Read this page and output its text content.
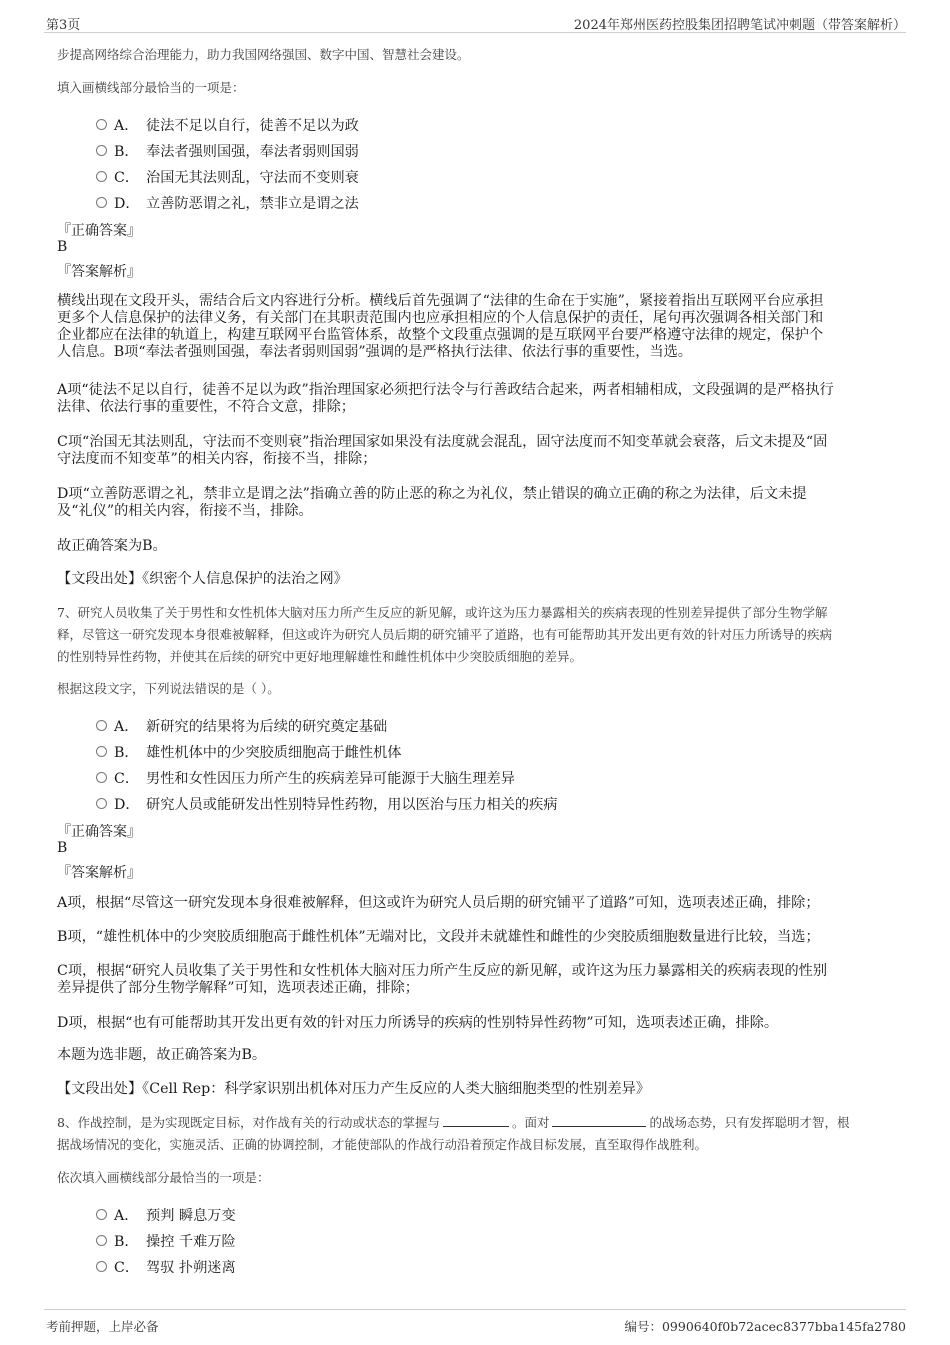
第3页	2024年郑州医药控股集团招聘笔试冲刺题（带答案解析）
步提高网络综合治理能力，助力我国网络强国、数字中国、智慧社会建设。
填入画横线部分最恰当的一项是：
A． 徒法不足以自行，徒善不足以为政
B． 奉法者强则国强，奉法者弱则国弱
C． 治国无其法则乱，守法而不变则衰
D． 立善防恶谓之礼，禁非立是谓之法
『正确答案』
B
『答案解析』
横线出现在文段开头，需结合后文内容进行分析。横线后首先强调了“法律的生命在于实施”，紧接着指出互联网平台应承担
更多个人信息保护的法律义务，有关部门在其职责范围内也应承担相应的个人信息保护的责任，尾句再次强调各相关部门和
企业都应在法律的轨道上，构建互联网平台监管体系，故整个文段重点强调的是互联网平台要严格遵守法律的规定，保护个
人信息。B项“奉法者强则国强，奉法者弱则国弱”强调的是严格执行法律、依法行事的重要性，当选。
A项“徒法不足以自行，徒善不足以为政”指治理国家必须把行法令与行善政结合起来，两者相辅相成，文段强调的是严格执行
法律、依法行事的重要性，不符合文意，排除；
C项“治国无其法则乱，守法而不变则衰”指治理国家如果没有法度就会混乱，固守法度而不知变革就会衰落，后文未提及“固
守法度而不知变革”的相关内容，衔接不当，排除；
D项“立善防恶谓之礼，禁非立是谓之法”指确立善的防止恶的称之为礼仪，禁止错误的确立正确的称之为法律，后文未提
及“礼仪”的相关内容，衔接不当，排除。
故正确答案为B。
【文段出处】《织密个人信息保护的法治之网》
7、研究人员收集了关于男性和女性机体大脑对压力所产生反应的新见解，或许这为压力暴露相关的疾病表现的性别差异提供了部分生物学解
释，尽管这一研究发现本身很难被解释，但这或许为研究人员后期的研究铺平了道路，也有可能帮助其开发出更有效的针对压力所诱导的疾病
的性别特异性药物，并使其在后续的研究中更好地理解雄性和雌性机体中少突胶质细胞的差异。
根据这段文字，下列说法错误的是（ ）。
A． 新研究的结果将为后续的研究奠定基础
B． 雄性机体中的少突胶质细胞高于雌性机体
C． 男性和女性因压力所产生的疾病差异可能源于大脑生理差异
D． 研究人员或能研发出性别特异性药物，用以医治与压力相关的疾病
『正确答案』
B
『答案解析』
A项，根据“尽管这一研究发现本身很难被解释，但这或许为研究人员后期的研究铺平了道路”可知，选项表述正确，排除；
B项，“雄性机体中的少突胶质细胞高于雌性机体”无端对比，文段并未就雄性和雌性的少突胶质细胞数量进行比较，当选；
C项，根据“研究人员收集了关于男性和女性机体大脑对压力所产生反应的新见解，或许这为压力暴露相关的疾病表现的性别
差异提供了部分生物学解释”可知，选项表述正确，排除；
D项，根据“也有可能帮助其开发出更有效的针对压力所诱导的疾病的性别特异性药物”可知，选项表述正确，排除。
本题为选非题，故正确答案为B。
【文段出处】《Cell Rep：科学家识别出机体对压力产生反应的人类大脑细胞类型的性别差异》
8、作战控制，是为实现既定目标，对作战有关的行动或状态的掌握与	。面对	的战场态势，只有发挥聪明才智，根
据战场情况的变化，实施灵活、正确的协调控制，才能使部队的作战行动沿着预定作战目标发展，直至取得作战胜利。
依次填入画横线部分最恰当的一项是：
A． 预判 瞬息万变
B． 操控 千难万险
C． 驾驭 扑朔迷离
考前押题，上岸必备	编号：0990640f0b72acec8377bba145fa2780
